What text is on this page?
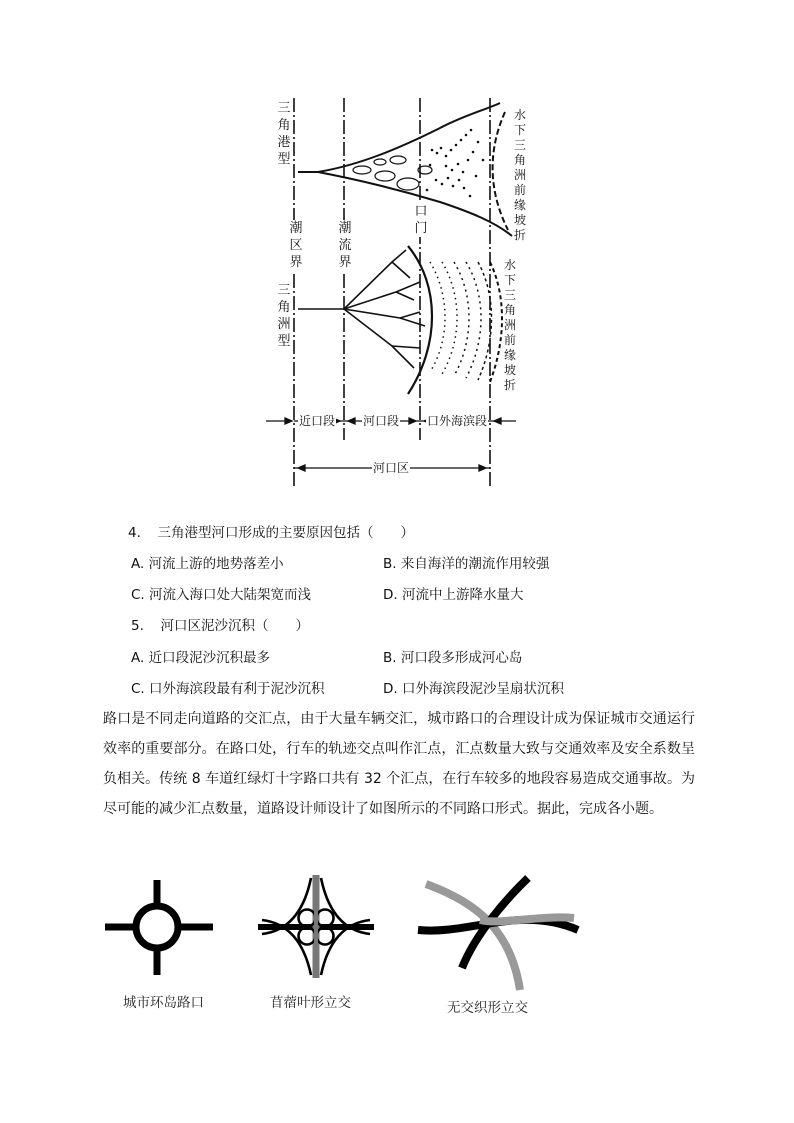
三角港型
三角洲型
潮区界
潮流界
口门
水下三角洲前缘坡折
水下三角洲前缘坡折
近口段 河口段 口外海滨段
河口区
4. 三角港型河口形成的主要原因包括（　　）
A. 河流上游的地势落差小	B. 来自海洋的潮流作用较强
C. 河流入海口处大陆架宽而浅	D. 河流中上游降水量大
5. 河口区泥沙沉积（　　）
A. 近口段泥沙沉积最多	B. 河口段多形成河心岛
C. 口外海滨段最有利于泥沙沉积	D. 口外海滨段泥沙呈扇状沉积
路口是不同走向道路的交汇点，由于大量车辆交汇，城市路口的合理设计成为保证城市交通运行效率的重要部分。在路口处，行车的轨迹交点叫作汇点，汇点数量大致与交通效率及安全系数呈负相关。传统 8 车道红绿灯十字路口共有 32 个汇点，在行车较多的地段容易造成交通事故。为尽可能的减少汇点数量，道路设计师设计了如图所示的不同路口形式。据此，完成各小题。
城市环岛路口	苜蓿叶形立交	无交织形立交
